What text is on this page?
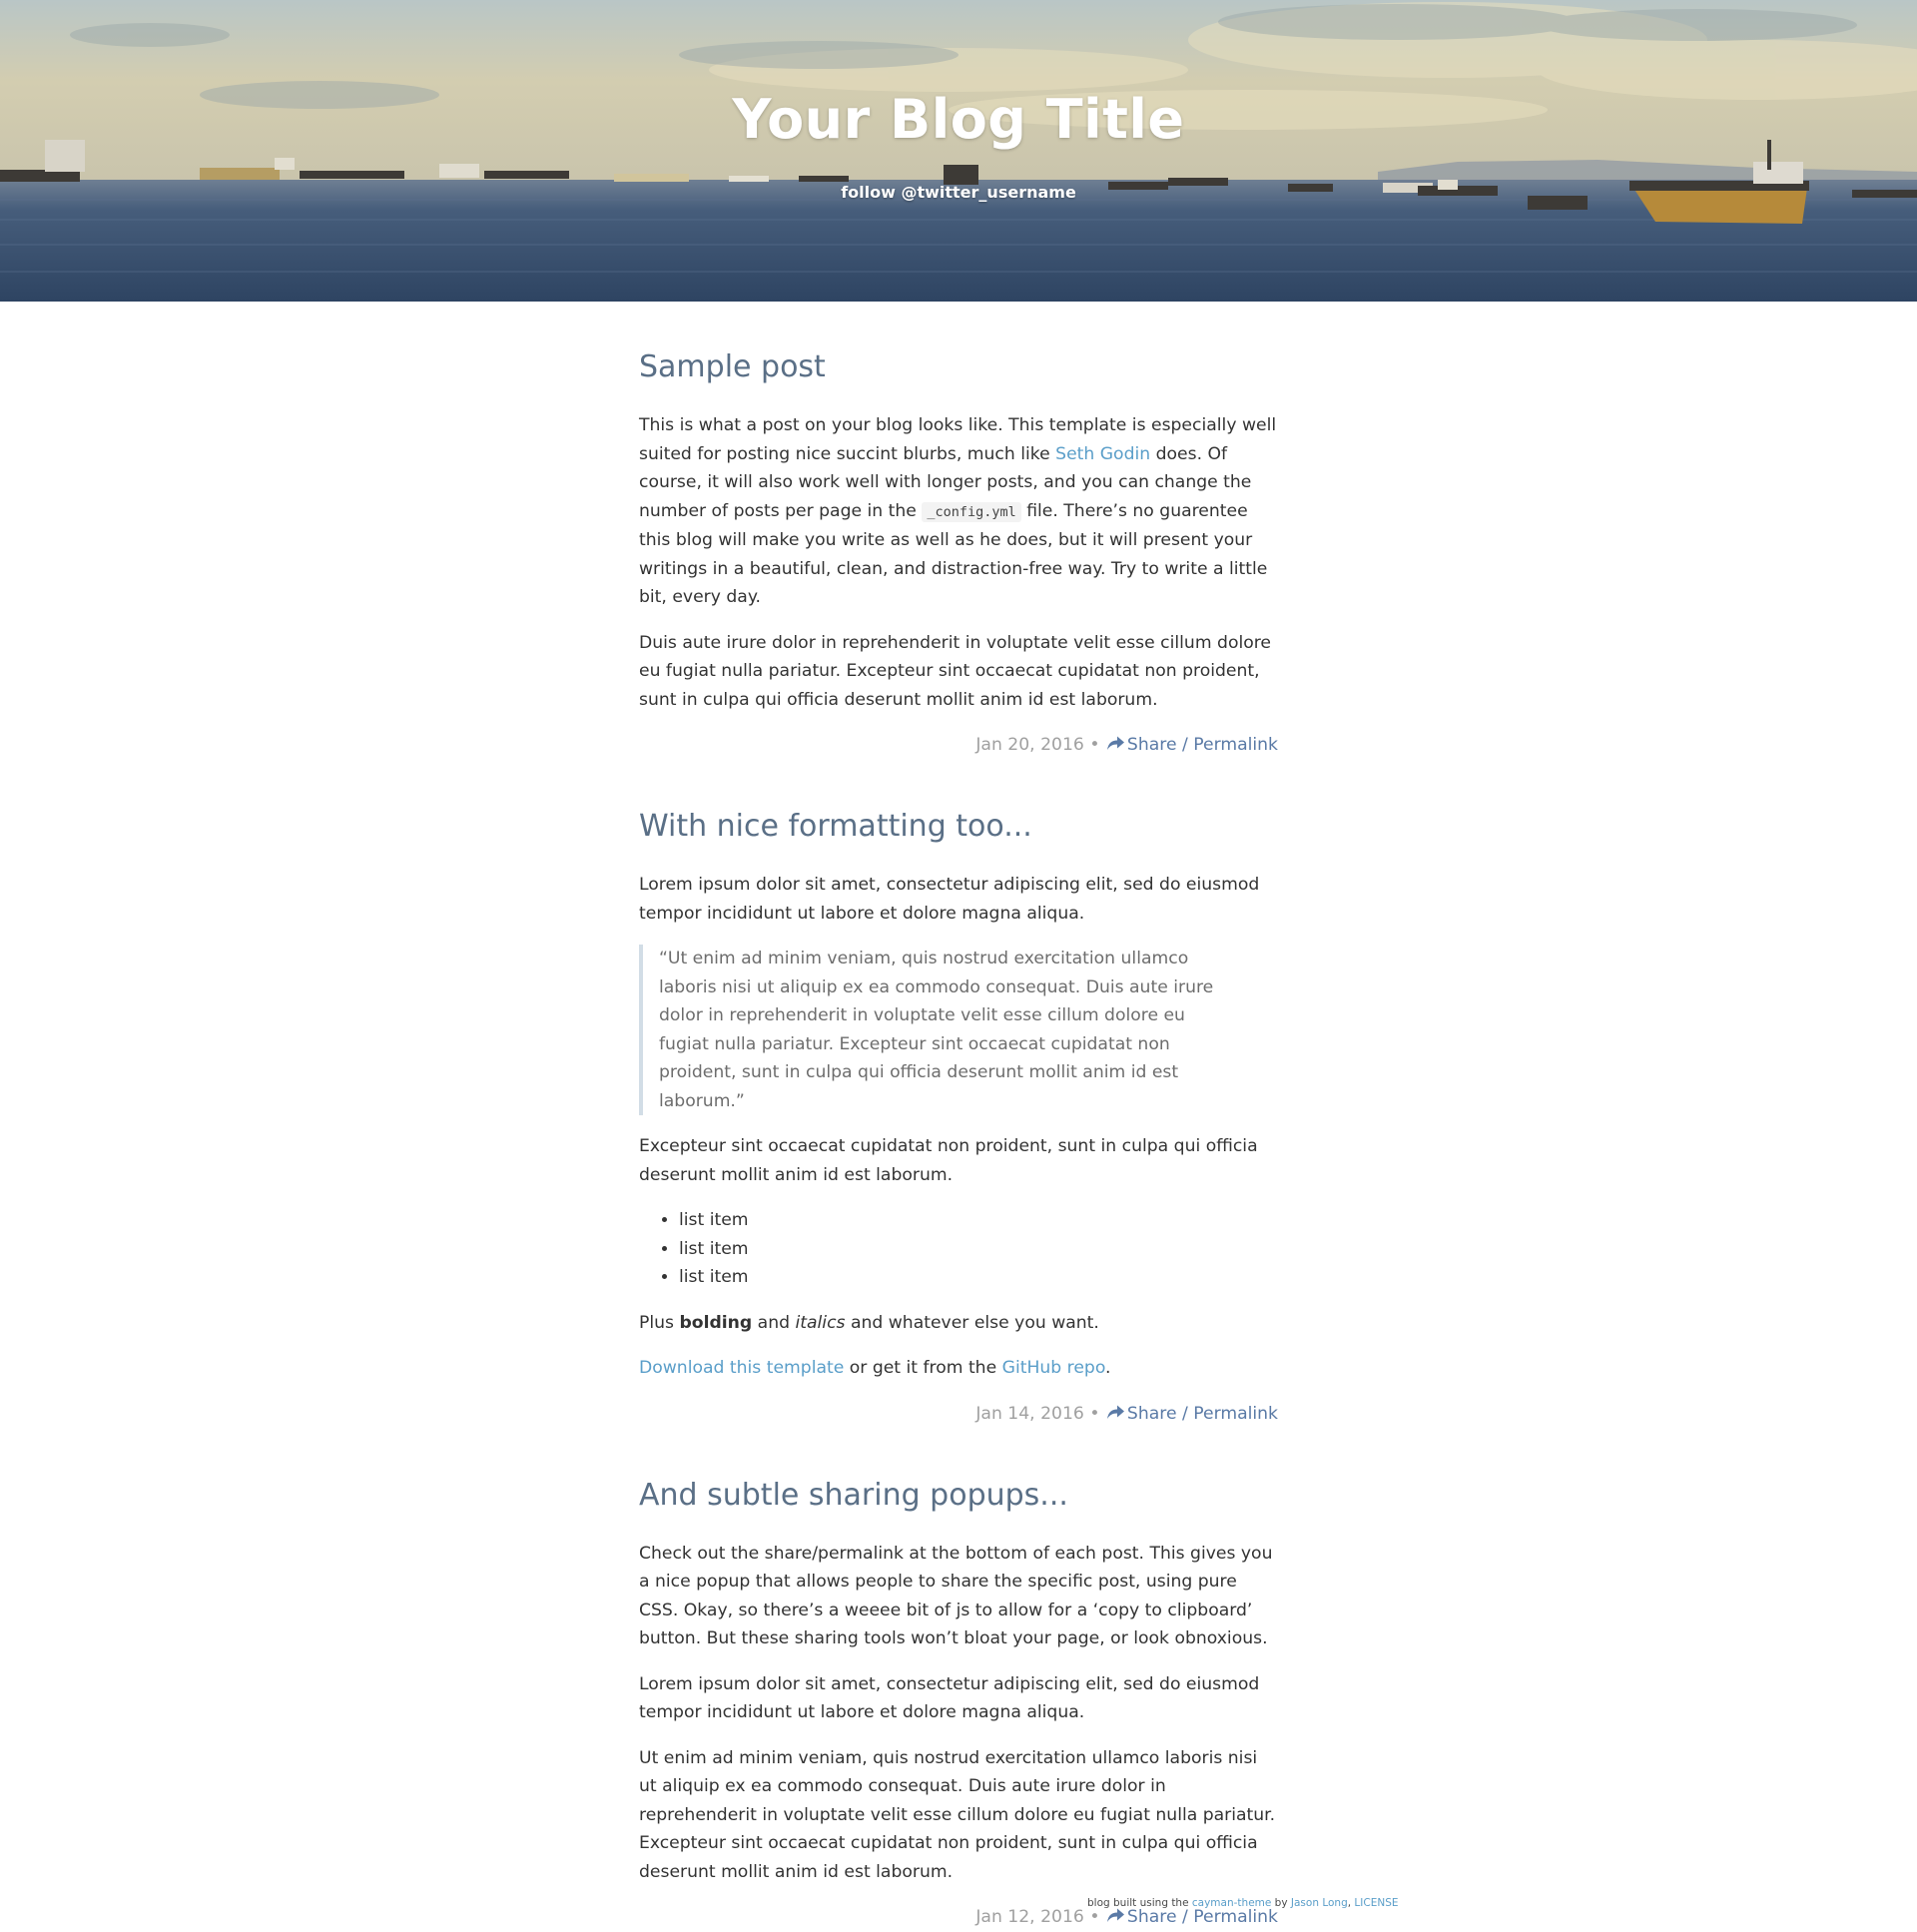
Your Blog Title
follow @twitter_username
Sample post

This is what a post on your blog looks like. This template is especially well suited for posting nice succint blurbs, much like Seth Godin does. Of course, it will also work well with longer posts, and you can change the number of posts per page in the _config.yml file. There’s no guarentee this blog will make you write as well as he does, but it will present your writings in a beautiful, clean, and distraction-free way. Try to write a little bit, every day.

Duis aute irure dolor in reprehenderit in voluptate velit esse cillum dolore eu fugiat nulla pariatur. Excepteur sint occaecat cupidatat non proident, sunt in culpa qui officia deserunt mollit anim id est laborum.

Jan 20, 2016 • Share / Permalink
With nice formatting too...

Lorem ipsum dolor sit amet, consectetur adipiscing elit, sed do eiusmod tempor incididunt ut labore et dolore magna aliqua.

“Ut enim ad minim veniam, quis nostrud exercitation ullamco laboris nisi ut aliquip ex ea commodo consequat. Duis aute irure dolor in reprehenderit in voluptate velit esse cillum dolore eu fugiat nulla pariatur. Excepteur sint occaecat cupidatat non proident, sunt in culpa qui officia deserunt mollit anim id est laborum.”

Excepteur sint occaecat cupidatat non proident, sunt in culpa qui officia deserunt mollit anim id est laborum.

• list item
• list item
• list item

Plus bolding and italics and whatever else you want.

Download this template or get it from the GitHub repo.

Jan 14, 2016 • Share / Permalink
And subtle sharing popups...

Check out the share/permalink at the bottom of each post. This gives you a nice popup that allows people to share the specific post, using pure CSS. Okay, so there’s a weeee bit of js to allow for a ‘copy to clipboard’ button. But these sharing tools won’t bloat your page, or look obnoxious.

Lorem ipsum dolor sit amet, consectetur adipiscing elit, sed do eiusmod tempor incididunt ut labore et dolore magna aliqua.

Ut enim ad minim veniam, quis nostrud exercitation ullamco laboris nisi ut aliquip ex ea commodo consequat. Duis aute irure dolor in reprehenderit in voluptate velit esse cillum dolore eu fugiat nulla pariatur. Excepteur sint occaecat cupidatat non proident, sunt in culpa qui officia deserunt mollit anim id est laborum.

Jan 12, 2016 • Share / Permalink
blog built using the cayman-theme by Jason Long, LICENSE
